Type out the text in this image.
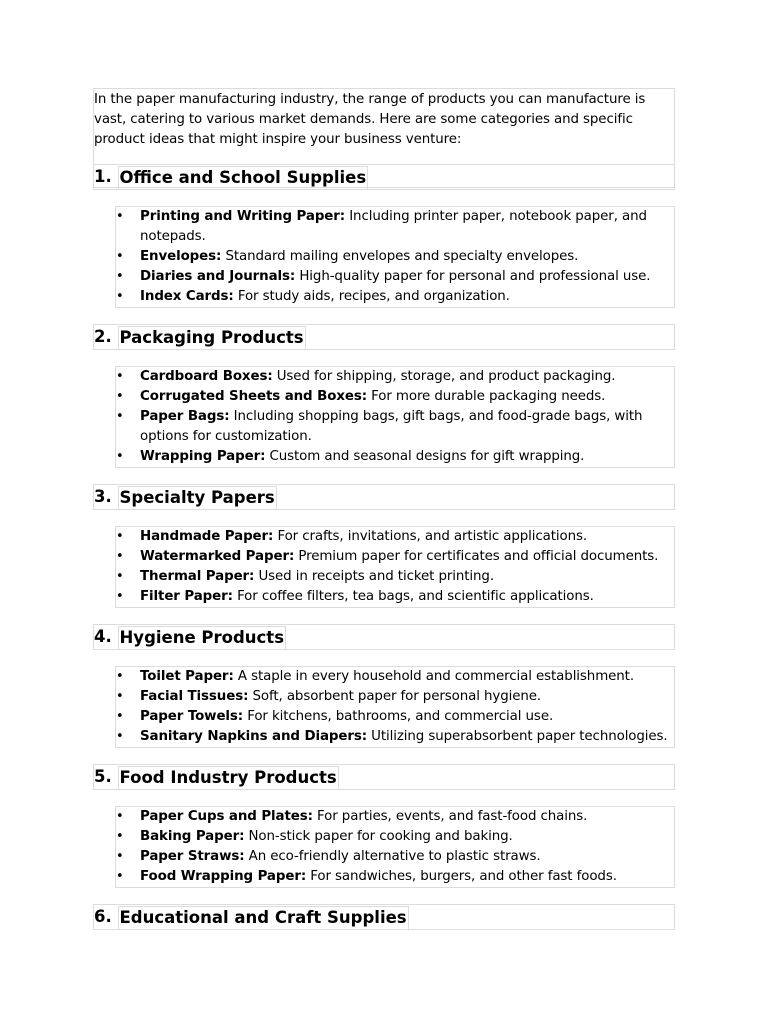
In the paper manufacturing industry, the range of products you can manufacture is vast, catering to various market demands. Here are some categories and specific product ideas that might inspire your business venture:
1. Office and School Supplies
• Printing and Writing Paper: Including printer paper, notebook paper, and notepads.
• Envelopes: Standard mailing envelopes and specialty envelopes.
• Diaries and Journals: High-quality paper for personal and professional use.
• Index Cards: For study aids, recipes, and organization.
2. Packaging Products
• Cardboard Boxes: Used for shipping, storage, and product packaging.
• Corrugated Sheets and Boxes: For more durable packaging needs.
• Paper Bags: Including shopping bags, gift bags, and food-grade bags, with options for customization.
• Wrapping Paper: Custom and seasonal designs for gift wrapping.
3. Specialty Papers
• Handmade Paper: For crafts, invitations, and artistic applications.
• Watermarked Paper: Premium paper for certificates and official documents.
• Thermal Paper: Used in receipts and ticket printing.
• Filter Paper: For coffee filters, tea bags, and scientific applications.
4. Hygiene Products
• Toilet Paper: A staple in every household and commercial establishment.
• Facial Tissues: Soft, absorbent paper for personal hygiene.
• Paper Towels: For kitchens, bathrooms, and commercial use.
• Sanitary Napkins and Diapers: Utilizing superabsorbent paper technologies.
5. Food Industry Products
• Paper Cups and Plates: For parties, events, and fast-food chains.
• Baking Paper: Non-stick paper for cooking and baking.
• Paper Straws: An eco-friendly alternative to plastic straws.
• Food Wrapping Paper: For sandwiches, burgers, and other fast foods.
6. Educational and Craft Supplies
